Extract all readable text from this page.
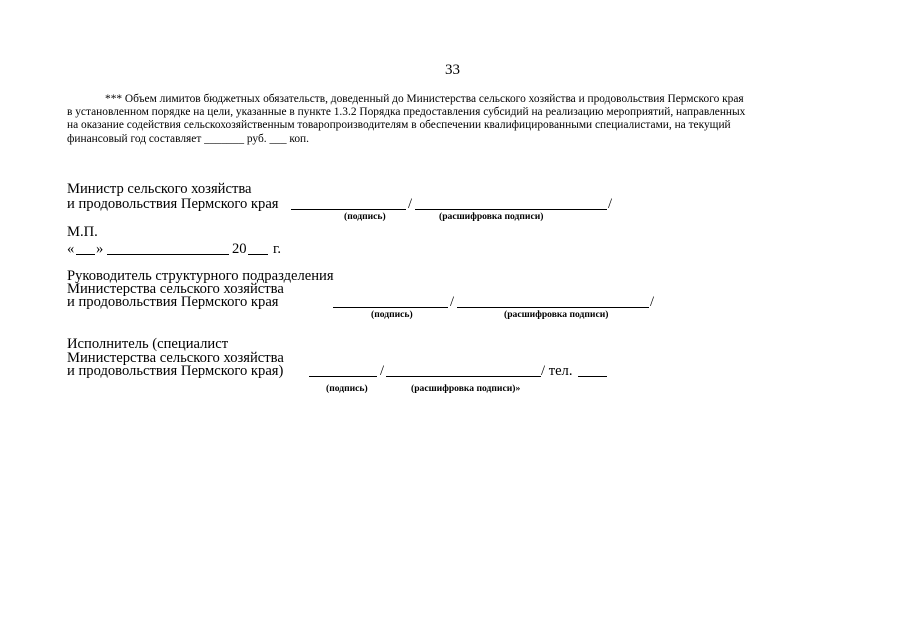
33

*** Объем лимитов бюджетных обязательств, доведенный до Министерства сельского хозяйства и продовольствия Пермского края

в установленном порядке на цели, указанные в пункте 1.3.2 Порядка предоставления субсидий на реализацию мероприятий, направленных

на оказание содействия сельскохозяйственным товаропроизводителям в обеспечении квалифицированными специалистами, на текущий

финансовый год составляет _______ руб. ___ коп.

Министр сельского хозяйства
и продовольствия Пермского края	/	/
(подпись)	(расшифровка подписи)
М.П.
« »	20 г.
Руководитель структурного подразделения
Министерства сельского хозяйства
и продовольствия Пермского края	/	/
(подпись)	(расшифровка подписи)
Исполнитель (специалист
Министерства сельского хозяйства
и продовольствия Пермского края)	/	/ тел.
(подпись)	(расшифровка подписи)»
